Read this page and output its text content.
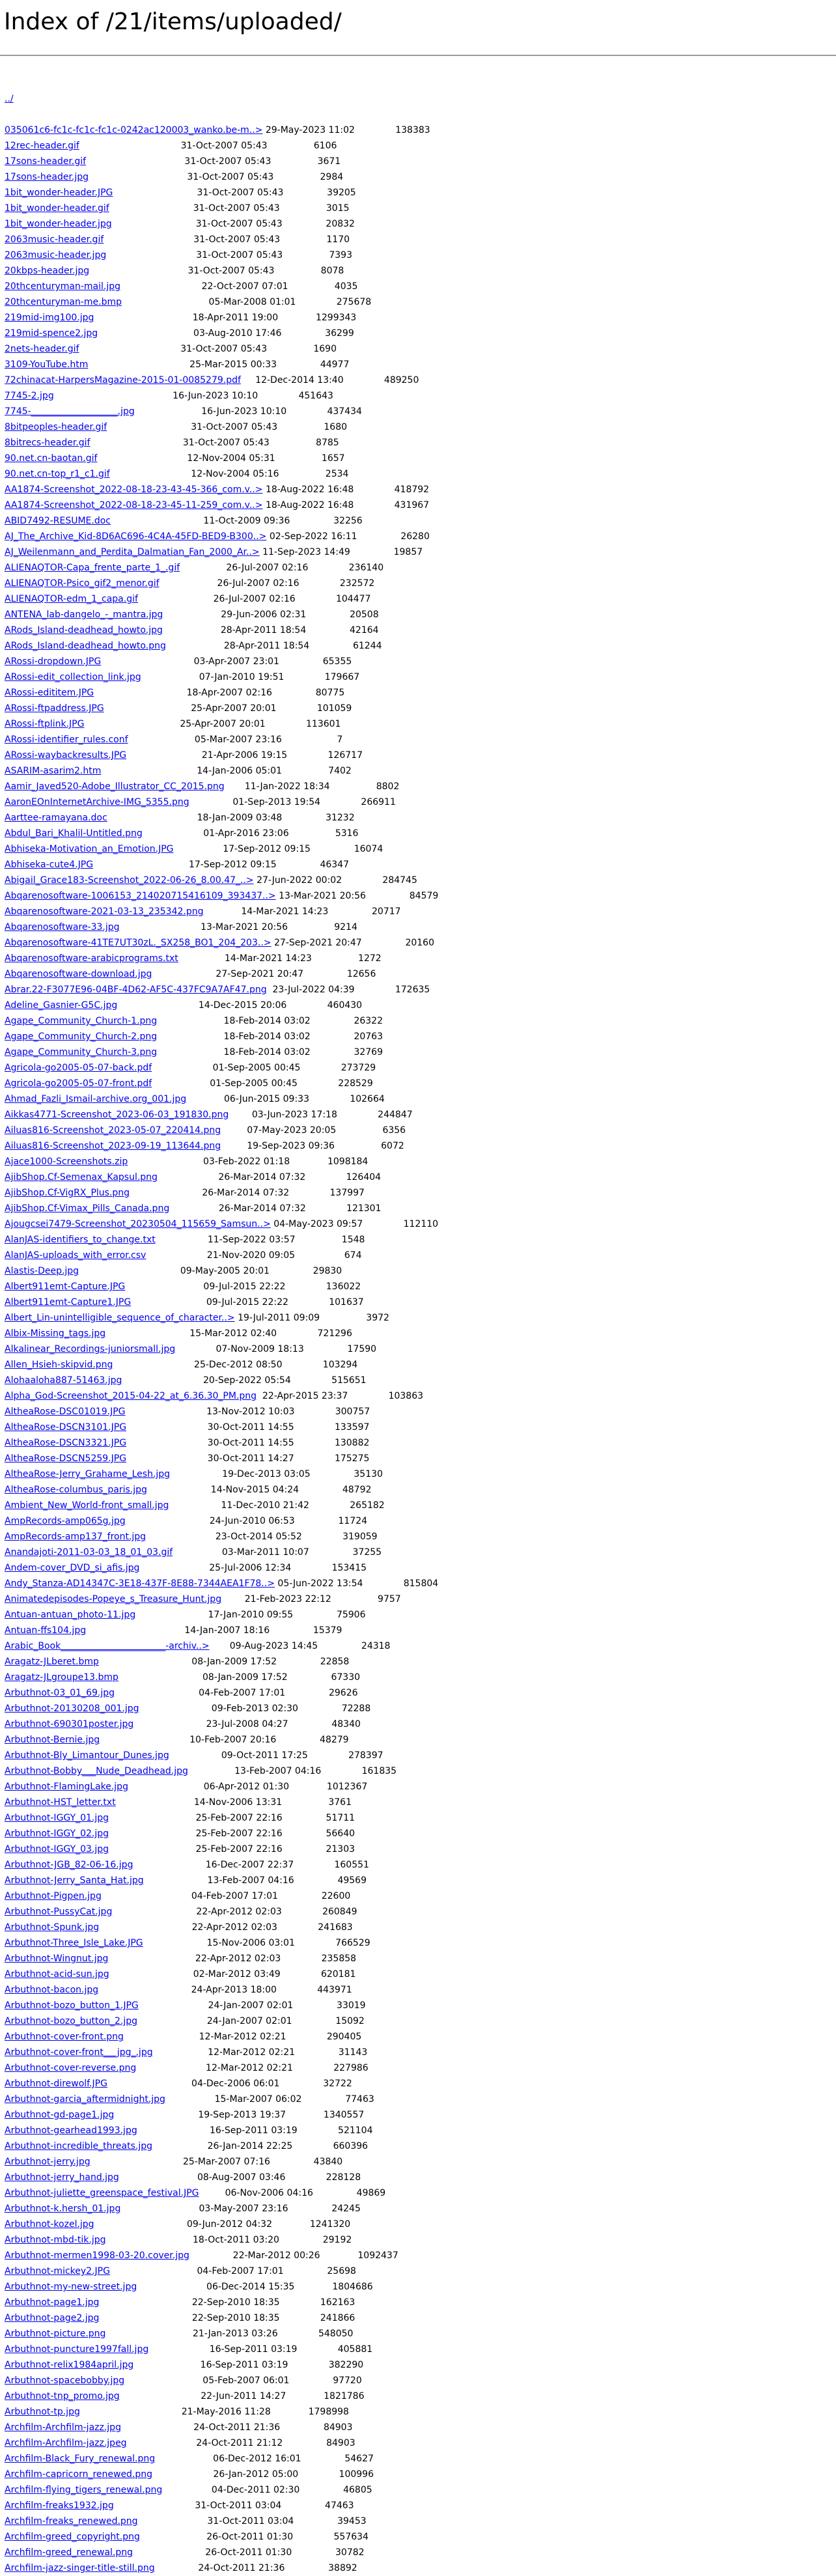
Index of /21/items/uploaded/

../

035061c6-fc1c-fc1c-fc1c-0242ac120003_wanko.be-m..> 29-May-2023 11:02	138383
12rec-header.gif	31-Oct-2007 05:43	6106
17sons-header.gif	31-Oct-2007 05:43	3671
17sons-header.jpg	31-Oct-2007 05:43	2984
1bit_wonder-header.JPG	31-Oct-2007 05:43	39205
1bit_wonder-header.gif	31-Oct-2007 05:43	3015
1bit_wonder-header.jpg	31-Oct-2007 05:43	20832
2063music-header.gif	31-Oct-2007 05:43	1170
2063music-header.jpg	31-Oct-2007 05:43	7393
20kbps-header.jpg	31-Oct-2007 05:43	8078
20thcenturyman-mail.jpg	22-Oct-2007 07:01	4035
20thcenturyman-me.bmp	05-Mar-2008 01:01	275678
219mid-img100.jpg	18-Apr-2011 19:00	1299343
219mid-spence2.jpg	03-Aug-2010 17:46	36299
2nets-header.gif	31-Oct-2007 05:43	1690
3109-YouTube.htm	25-Mar-2015 00:33	44977
72chinacat-HarpersMagazine-2015-01-0085279.pdf 12-Dec-2014 13:40	489250
7745-2.jpg	16-Jun-2023 10:10	451643
7745-___________________.jpg	16-Jun-2023 10:10	437434
8bitpeoples-header.gif	31-Oct-2007 05:43	1680
8bitrecs-header.gif	31-Oct-2007 05:43	8785
90.net.cn-baotan.gif	12-Nov-2004 05:31	1657
90.net.cn-top_r1_c1.gif	12-Nov-2004 05:16	2534
AA1874-Screenshot_2022-08-18-23-43-45-366_com.v..> 18-Aug-2022 16:48	418792
AA1874-Screenshot_2022-08-18-23-45-11-259_com.v..> 18-Aug-2022 16:48	431967
ABID7492-RESUME.doc	11-Oct-2009 09:36	32256
AJ_The_Archive_Kid-8D6AC696-4C4A-45FD-BED9-B300..> 02-Sep-2022 16:11	26280
AJ_Weilenmann_and_Perdita_Dalmatian_Fan_2000_Ar..> 11-Sep-2023 14:49	19857
ALIENAQTOR-Capa_frente_parte_1_.gif	26-Jul-2007 02:16	236140
ALIENAQTOR-Psico_gif2_menor.gif	26-Jul-2007 02:16	232572
ALIENAQTOR-edm_1_capa.gif	26-Jul-2007 02:16	104477
ANTENA_lab-dangelo_-_mantra.jpg	29-Jun-2006 02:31	20508
ARods_Island-deadhead_howto.jpg	28-Apr-2011 18:54	42164
ARods_Island-deadhead_howto.png	28-Apr-2011 18:54	61244
ARossi-dropdown.JPG	03-Apr-2007 23:01	65355
ARossi-edit_collection_link.jpg	07-Jan-2010 19:51	179667
ARossi-edititem.JPG	18-Apr-2007 02:16	80775
ARossi-ftpaddress.JPG	25-Apr-2007 20:01	101059
ARossi-ftplink.JPG	25-Apr-2007 20:01	113601
ARossi-identifier_rules.conf	05-Mar-2007 23:16	7
ARossi-waybackresults.JPG	21-Apr-2006 19:15	126717
ASARIM-asarim2.htm	14-Jan-2006 05:01	7402
Aamir_Javed520-Adobe_Illustrator_CC_2015.png 11-Jan-2022 18:34	8802
AaronEOnInternetArchive-IMG_5355.png	01-Sep-2013 19:54	266911
Aarttee-ramayana.doc	18-Jan-2009 03:48	31232
Abdul_Bari_Khalil-Untitled.png	01-Apr-2016 23:06	5316
Abhiseka-Motivation_an_Emotion.JPG	17-Sep-2012 09:15	16074
Abhiseka-cute4.JPG	17-Sep-2012 09:15	46347
Abigail_Grace183-Screenshot_2022-06-26_8.00.47_..> 27-Jun-2022 00:02	284745
Abqarenosoftware-1006153_214020715416109_393437..> 13-Mar-2021 20:56	84579
Abqarenosoftware-2021-03-13_235342.png	14-Mar-2021 14:23	20717
Abqarenosoftware-33.jpg	13-Mar-2021 20:56	9214
Abqarenosoftware-41TE7UT30zL._SX258_BO1_204_203..> 27-Sep-2021 20:47	20160
Abqarenosoftware-arabicprograms.txt	14-Mar-2021 14:23	1272
Abqarenosoftware-download.jpg	27-Sep-2021 20:47	12656
Abrar.22-F3077E96-04BF-4D62-AF5C-437FC9A7AF47.png 23-Jul-2022 04:39	172635
Adeline_Gasnier-G5C.jpg	14-Dec-2015 20:06	460430
Agape_Community_Church-1.png	18-Feb-2014 03:02	26322
Agape_Community_Church-2.png	18-Feb-2014 03:02	20763
Agape_Community_Church-3.png	18-Feb-2014 03:02	32769
Agricola-go2005-05-07-back.pdf	01-Sep-2005 00:45	273729
Agricola-go2005-05-07-front.pdf	01-Sep-2005 00:45	228529
Ahmad_Fazli_Ismail-archive.org_001.jpg	06-Jun-2015 09:33	102664
Aikkas4771-Screenshot_2023-06-03_191830.png	03-Jun-2023 17:18	244847
Ailuas816-Screenshot_2023-05-07_220414.png	07-May-2023 20:05	6356
Ailuas816-Screenshot_2023-09-19_113644.png	19-Sep-2023 09:36	6072
Ajace1000-Screenshots.zip	03-Feb-2022 01:18	1098184
AjibShop.Cf-Semenax_Kapsul.png	26-Mar-2014 07:32	126404
AjibShop.Cf-VigRX_Plus.png	26-Mar-2014 07:32	137997
AjibShop.Cf-Vimax_Pills_Canada.png	26-Mar-2014 07:32	121301
Ajougcsei7479-Screenshot_20230504_115659_Samsun..> 04-May-2023 09:57	112110
AlanJAS-identifiers_to_change.txt	11-Sep-2022 03:57	1548
AlanJAS-uploads_with_error.csv	21-Nov-2020 09:05	674
Alastis-Deep.jpg	09-May-2005 20:01	29830
Albert911emt-Capture.JPG	09-Jul-2015 22:22	136022
Albert911emt-Capture1.JPG	09-Jul-2015 22:22	101637
Albert_Lin-unintelligible_sequence_of_character..> 19-Jul-2011 09:09	3972
Albix-Missing_tags.jpg	15-Mar-2012 02:40	721296
Alkalinear_Recordings-juniorsmall.jpg	07-Nov-2009 18:13	17590
Allen_Hsieh-skipvid.png	25-Dec-2012 08:50	103294
Alohaaloha887-51463.jpg	20-Sep-2022 05:54	515651
Alpha_God-Screenshot_2015-04-22_at_6.36.30_PM.png 22-Apr-2015 23:37	103863
AltheaRose-DSC01019.JPG	13-Nov-2012 10:03	300757
AltheaRose-DSCN3101.JPG	30-Oct-2011 14:55	133597
AltheaRose-DSCN3321.JPG	30-Oct-2011 14:55	130882
AltheaRose-DSCN5259.JPG	30-Oct-2011 14:27	175275
AltheaRose-Jerry_Grahame_Lesh.jpg	19-Dec-2013 03:05	35130
AltheaRose-columbus_paris.jpg	14-Nov-2015 04:24	48792
Ambient_New_World-front_small.jpg	11-Dec-2010 21:42	265182
AmpRecords-amp065g.jpg	24-Jun-2010 06:53	11724
AmpRecords-amp137_front.jpg	23-Oct-2014 05:52	319059
Anandajoti-2011-03-03_18_01_03.gif	03-Mar-2011 10:07	37255
Andem-cover_DVD_si_afis.jpg	25-Jul-2006 12:34	153415
Andy_Stanza-AD14347C-3E18-437F-8E88-7344AEA1F78..> 05-Jun-2022 13:54	815804
Animatedepisodes-Popeye_s_Treasure_Hunt.jpg	21-Feb-2023 22:12	9757
Antuan-antuan_photo-11.jpg	17-Jan-2010 09:55	75906
Antuan-ffs104.jpg	14-Jan-2007 18:16	15379
Arabic_Book_______________________-archiv..> 09-Aug-2023 14:45	24318
Aragatz-JLberet.bmp	08-Jan-2009 17:52	22858
Aragatz-JLgroupe13.bmp	08-Jan-2009 17:52	67330
Arbuthnot-03_01_69.jpg	04-Feb-2007 17:01	29626
Arbuthnot-20130208_001.jpg	09-Feb-2013 02:30	72288
Arbuthnot-690301poster.jpg	23-Jul-2008 04:27	48340
Arbuthnot-Bernie.jpg	10-Feb-2007 20:16	48279
Arbuthnot-Bly_Limantour_Dunes.jpg	09-Oct-2011 17:25	278397
Arbuthnot-Bobby___Nude_Deadhead.jpg	13-Feb-2007 04:16	161835
Arbuthnot-FlamingLake.jpg	06-Apr-2012 01:30	1012367
Arbuthnot-HST_letter.txt	14-Nov-2006 13:31	3761
Arbuthnot-IGGY_01.jpg	25-Feb-2007 22:16	51711
Arbuthnot-IGGY_02.jpg	25-Feb-2007 22:16	56640
Arbuthnot-IGGY_03.jpg	25-Feb-2007 22:16	21303
Arbuthnot-JGB_82-06-16.jpg	16-Dec-2007 22:37	160551
Arbuthnot-Jerry_Santa_Hat.jpg	13-Feb-2007 04:16	49569
Arbuthnot-Pigpen.jpg	04-Feb-2007 17:01	22600
Arbuthnot-PussyCat.jpg	22-Apr-2012 02:03	260849
Arbuthnot-Spunk.jpg	22-Apr-2012 02:03	241683
Arbuthnot-Three_Isle_Lake.JPG	15-Nov-2006 03:01	766529
Arbuthnot-Wingnut.jpg	22-Apr-2012 02:03	235858
Arbuthnot-acid-sun.jpg	02-Mar-2012 03:49	620181
Arbuthnot-bacon.jpg	24-Apr-2013 18:00	443971
Arbuthnot-bozo_button_1.JPG	24-Jan-2007 02:01	33019
Arbuthnot-bozo_button_2.jpg	24-Jan-2007 02:01	15092
Arbuthnot-cover-front.png	12-Mar-2012 02:21	290405
Arbuthnot-cover-front___jpg_.jpg	12-Mar-2012 02:21	31143
Arbuthnot-cover-reverse.png	12-Mar-2012 02:21	227986
Arbuthnot-direwolf.JPG	04-Dec-2006 06:01	32722
Arbuthnot-garcia_aftermidnight.jpg	15-Mar-2007 06:02	77463
Arbuthnot-gd-page1.jpg	19-Sep-2013 19:37	1340557
Arbuthnot-gearhead1993.jpg	16-Sep-2011 03:19	521104
Arbuthnot-incredible_threats.jpg	26-Jan-2014 22:25	660396
Arbuthnot-jerry.jpg	25-Mar-2007 07:16	43840
Arbuthnot-jerry_hand.jpg	08-Aug-2007 03:46	228128
Arbuthnot-juliette_greenspace_festival.JPG	06-Nov-2006 04:16	49869
Arbuthnot-k.hersh_01.jpg	03-May-2007 23:16	24245
Arbuthnot-kozel.jpg	09-Jun-2012 04:32	1241320
Arbuthnot-mbd-tik.jpg	18-Oct-2011 03:20	29192
Arbuthnot-mermen1998-03-20.cover.jpg	22-Mar-2012 00:26	1092437
Arbuthnot-mickey2.JPG	04-Feb-2007 17:01	25698
Arbuthnot-my-new-street.jpg	06-Dec-2014 15:35	1804686
Arbuthnot-page1.jpg	22-Sep-2010 18:35	162163
Arbuthnot-page2.jpg	22-Sep-2010 18:35	241866
Arbuthnot-picture.png	21-Jan-2013 03:26	548050
Arbuthnot-puncture1997fall.jpg	16-Sep-2011 03:19	405881
Arbuthnot-relix1984april.jpg	16-Sep-2011 03:19	382290
Arbuthnot-spacebobby.jpg	05-Feb-2007 06:01	97720
Arbuthnot-tnp_promo.jpg	22-Jun-2011 14:27	1821786
Arbuthnot-tp.jpg	21-May-2016 11:28	1798998
Archfilm-Archfilm-jazz.jpg	24-Oct-2011 21:36	84903
Archfilm-Archfilm-jazz.jpeg	24-Oct-2011 21:12	84903
Archfilm-Black_Fury_renewal.png	06-Dec-2012 16:01	54627
Archfilm-capricorn_renewed.png	26-Jan-2012 05:00	100996
Archfilm-flying_tigers_renewal.png	04-Dec-2011 02:30	46805
Archfilm-freaks1932.jpg	31-Oct-2011 03:04	47463
Archfilm-freaks_renewed.png	31-Oct-2011 03:04	39453
Archfilm-greed_copyright.png	26-Oct-2011 01:30	557634
Archfilm-greed_renewal.png	26-Oct-2011 01:30	30782
Archfilm-jazz-singer-title-still.png	24-Oct-2011 21:36	38892
